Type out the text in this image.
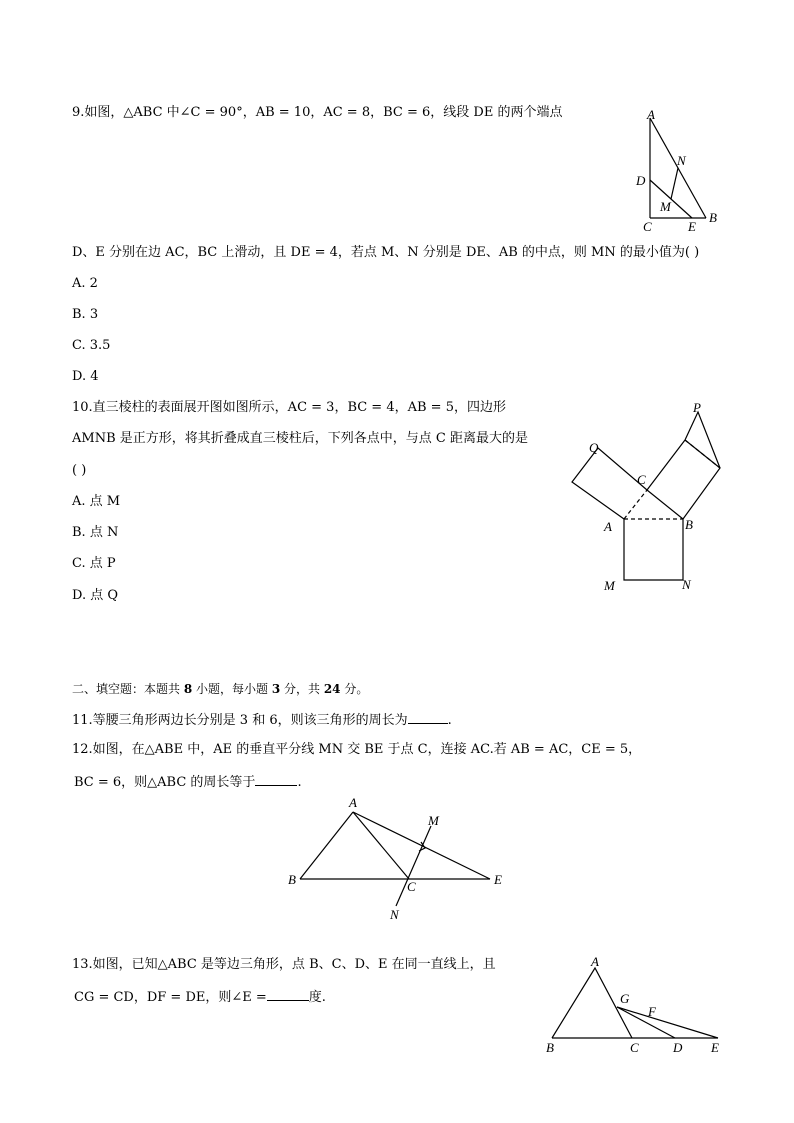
9.如图，△ABC 中∠C = 90°，AB = 10，AC = 8，BC = 6，线段 DE 的两个端点	A
N
D
M
C	E
B
D、E 分别在边 AC，BC 上滑动，且 DE = 4，若点 M、N 分别是 DE、AB 的中点，则 MN 的最小值为( )
A. 2
B. 3
C. 3.5
D. 4
10.直三棱柱的表面展开图如图所示，AC = 3，BC = 4，AB = 5，四边形
AMNB 是正方形，将其折叠成直三棱柱后，下列各点中，与点 C 距离最大的是
( )
A. 点 M
B. 点 N
C. 点 P
D. 点 Q
P
Q
C
A	B
M	N
二、填空题：本题共 8 小题，每小题 3 分，共 24 分。
11.等腰三角形两边长分别是 3 和 6，则该三角形的周长为	.
12.如图，在△ABE 中，AE 的垂直平分线 MN 交 BE 于点 C，连接 AC.若 AB = AC，CE = 5，
BC = 6，则△ABC 的周长等于	.
A
M
B	C	E
N
13.如图，已知△ABC 是等边三角形，点 B、C、D、E 在同一直线上，且
CG = CD，DF = DE，则∠E =	度.
A
G
F
B	C	D E
